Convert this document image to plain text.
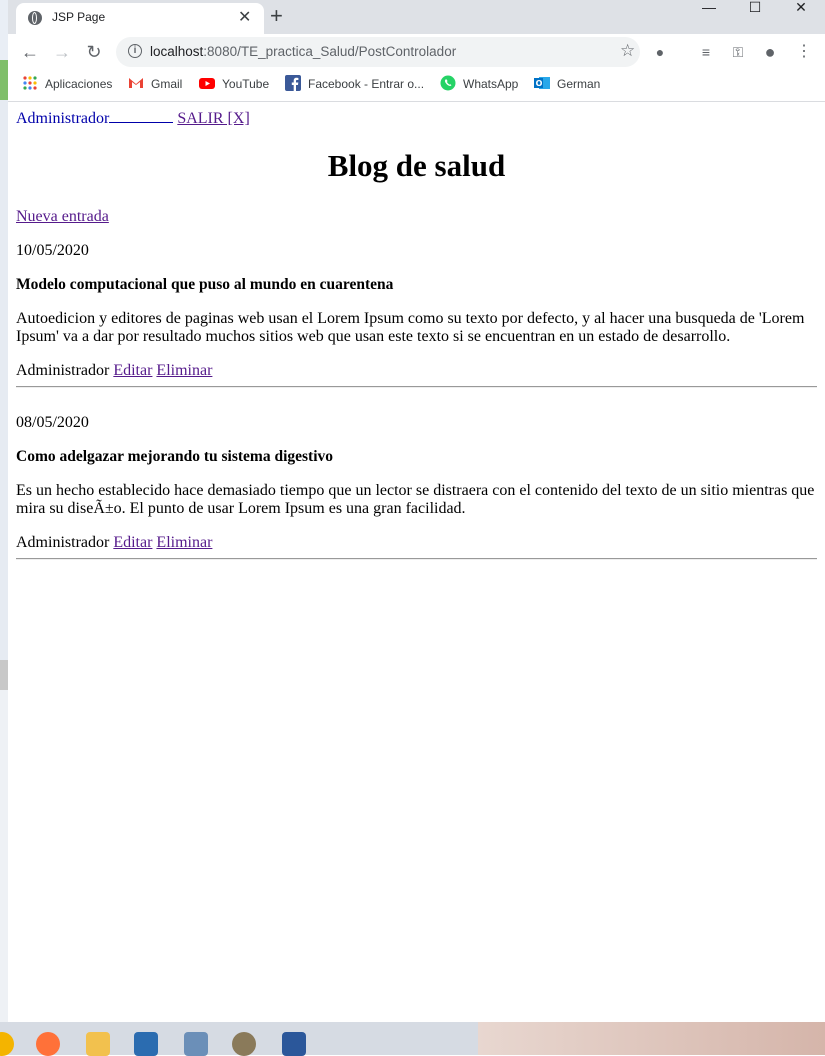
JSP Page	✕ +	—	☐	✕
← → ↻	i	localhost:8080/TE_practica_Salud/PostControlador	☆	●	≡	⚿ ● ⋮
Aplicaciones	Gmail	YouTube	Facebook - Entrar o...	WhatsApp O German
Administrador	SALIR [X]
Blog de salud
Nueva entrada
10/05/2020
Modelo computacional que puso al mundo en cuarentena
Autoedicion y editores de paginas web usan el Lorem Ipsum como su texto por defecto, y al hacer una busqueda de 'Lorem Ipsum' va a dar por resultado muchos sitios web que usan este texto si se encuentran en un estado de desarrollo.
Administrador Editar Eliminar
08/05/2020
Como adelgazar mejorando tu sistema digestivo
Es un hecho establecido hace demasiado tiempo que un lector se distraera con el contenido del texto de un sitio mientras que mira su diseÃ±o. El punto de usar Lorem Ipsum es una gran facilidad.
Administrador Editar Eliminar
